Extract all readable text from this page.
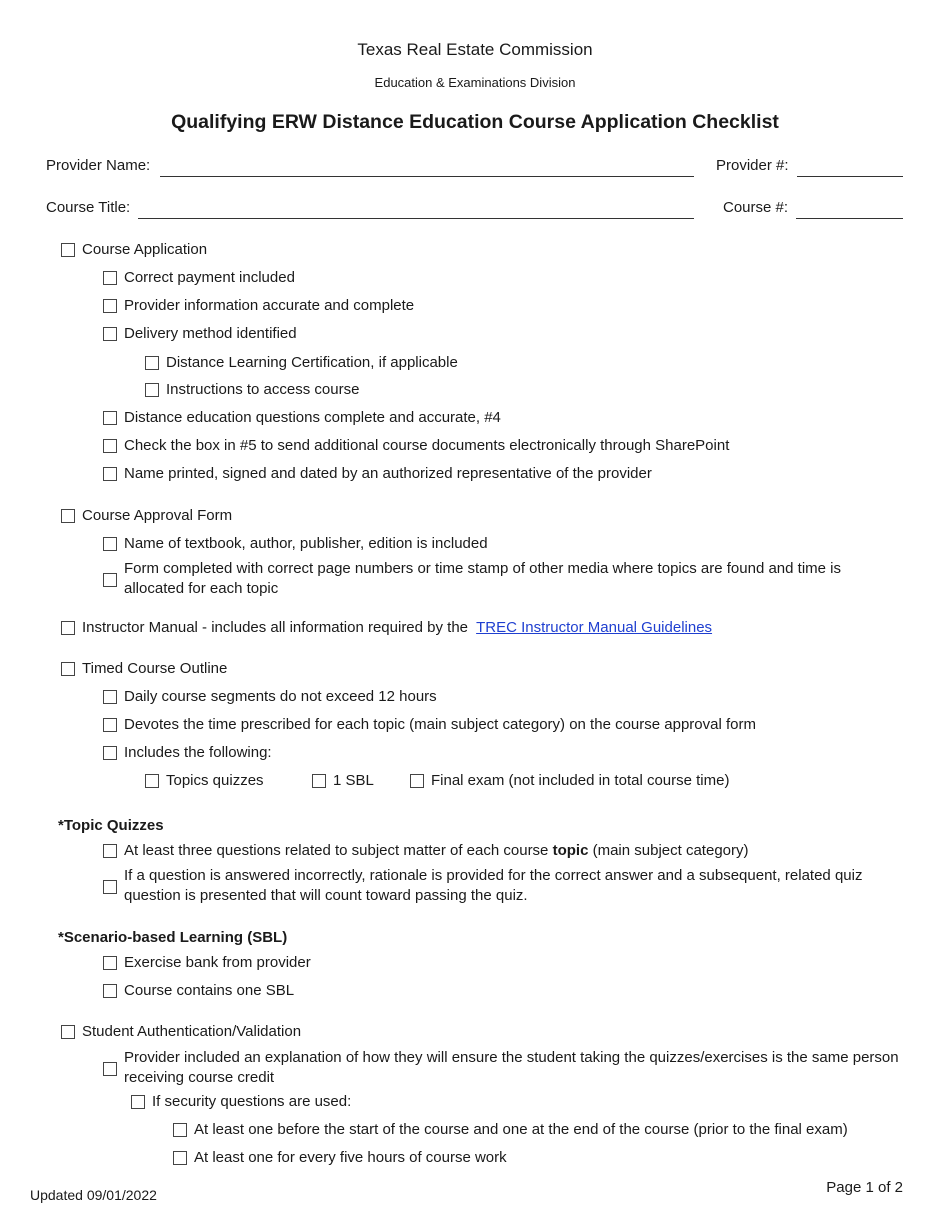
Texas Real Estate Commission
Education & Examinations Division
Qualifying ERW Distance Education Course Application Checklist
Provider Name:	Provider #:
Course Title:	Course #:
Course Application
Correct payment included
Provider information accurate and complete
Delivery method identified
Distance Learning Certification, if applicable
Instructions to access course
Distance education questions complete and accurate, #4
Check the box in #5 to send additional course documents electronically through SharePoint
Name printed, signed and dated by an authorized representative of the provider
Course Approval Form
Name of textbook, author, publisher, edition is included
Form completed with correct page numbers or time stamp of other media where topics are found and time is allocated for each topic
Instructor Manual - includes all information required by the TREC Instructor Manual Guidelines
Timed Course Outline
Daily course segments do not exceed 12 hours
Devotes the time prescribed for each topic (main subject category) on the course approval form
Includes the following:
Topics quizzes	1 SBL	Final exam (not included in total course time)
*Topic Quizzes
At least three questions related to subject matter of each course topic (main subject category)
If a question is answered incorrectly, rationale is provided for the correct answer and a subsequent, related quiz question is presented that will count toward passing the quiz.
*Scenario-based Learning (SBL)
Exercise bank from provider
Course contains one SBL
Student Authentication/Validation
Provider included an explanation of how they will ensure the student taking the quizzes/exercises is the same person receiving course credit
If security questions are used:
At least one before the start of the course and one at the end of the course (prior to the final exam)
At least one for every five hours of course work
Updated 09/01/2022	Page 1 of 2
